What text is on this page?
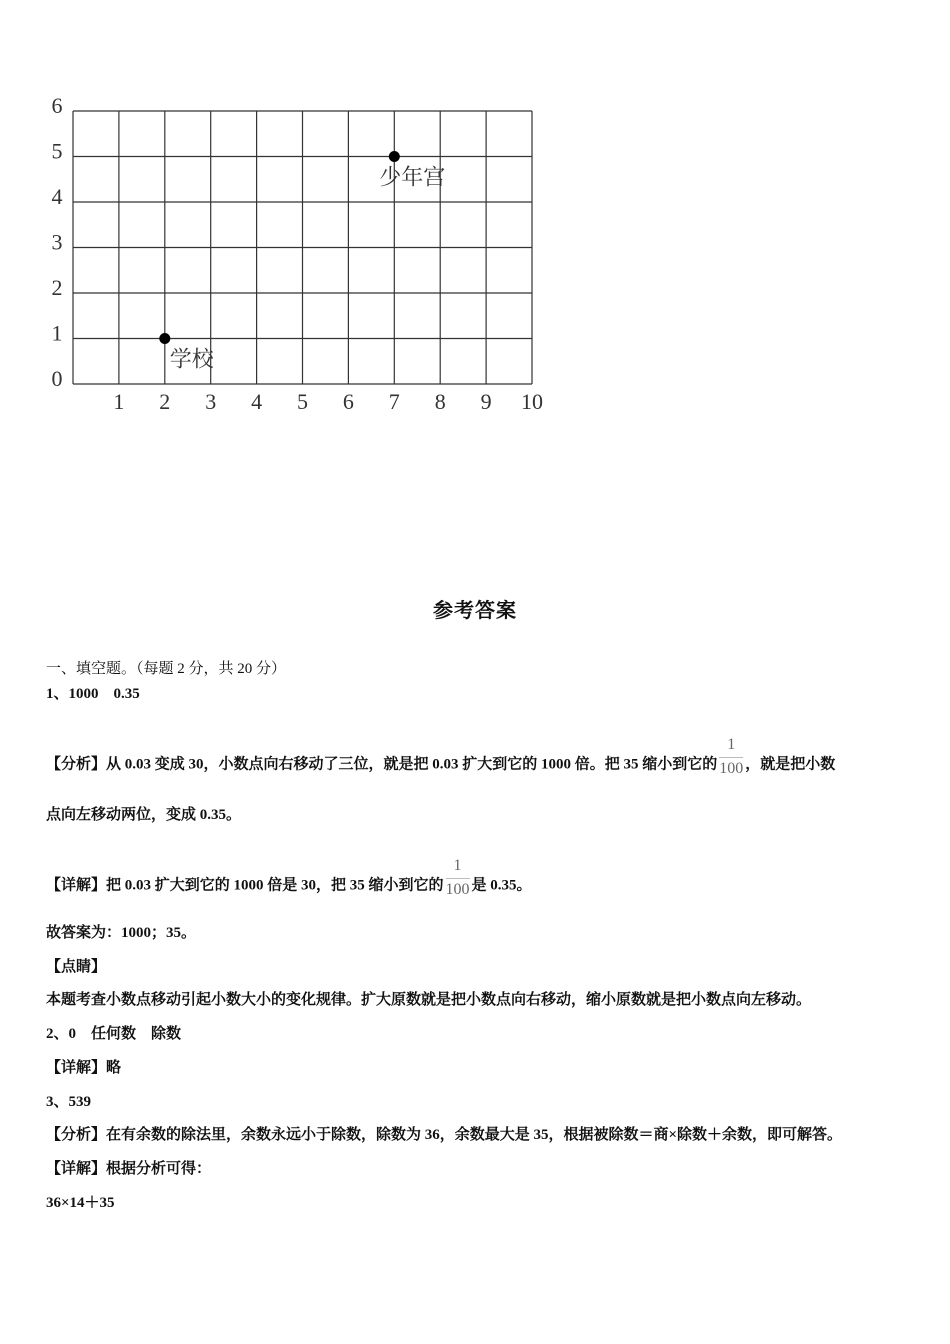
1 2 3 4 5 6 7 8 9 10
0
1
2
3
4
5
6
学校
少年宫
参考答案
一、填空题。（每题 2 分，共 20 分）
1、1000　0.35
【分析】从 0.03 变成 30，小数点向右移动了三位，就是把 0.03 扩大到它的 1000 倍。把 35 缩小到它的 $\frac{1}{100}$ ，就是把小数
点向左移动两位，变成 0.35。
【详解】把 0.03 扩大到它的 1000 倍是 30，把 35 缩小到它的 $\frac{1}{100}$ 是 0.35。
故答案为：1000；35。
【点睛】
本题考查小数点移动引起小数大小的变化规律。扩大原数就是把小数点向右移动，缩小原数就是把小数点向左移动。
2、0　任何数　除数
【详解】略
3、539
【分析】在有余数的除法里，余数永远小于除数，除数为 36，余数最大是 35，根据被除数＝商×除数＋余数，即可解答。
【详解】根据分析可得：
36×14＋35
